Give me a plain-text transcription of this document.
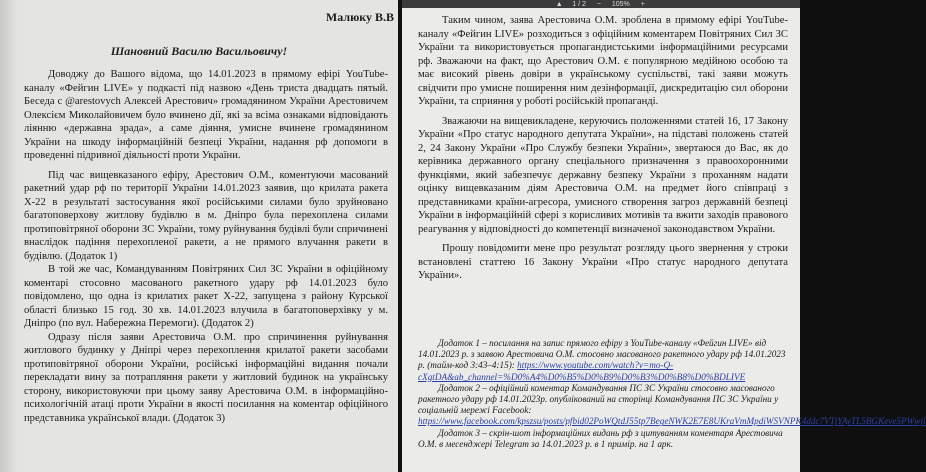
Малюку В.В
Шановний Василю Васильовичу!

Доводжу до Вашого відома, що 14.01.2023 в прямому ефірі YouTube-каналу «Фейгин LIVE» у подкасті під назвою «День триста двадцать пятый. Беседа с @arestovych Алексей Арестович» громадянином України Арестовичем Олексієм Миколайовичем було вчинено дії, які за всіма ознаками відповідають ліянню «державна зрада», а саме діяння, умисне вчинене громадянином України на шкоду інформаційній безпеці України, надання рф допомоги в проведенні підривної діяльності проти України.

Під час вищевказаного ефіру, Арестович О.М., коментуючи масований ракетний удар рф по території України 14.01.2023 заявив, що крилата ракета Х-22 в результаті застосування якої російськими силами було зруйновано багатоповерхову житлову будівлю в м. Дніпро була перехоплена силами протиповітряної оборони ЗС України, тому руйнування будівлі були спричинені внаслідок падіння перехопленої ракети, а не прямого влучання ракети в будівлю. (Додаток 1)

В той же час, Командуванням Повітряних Сил ЗС України в офіційному коментарі стосовно масованого ракетного удару рф 14.01.2023 було повідомлено, що одна із крилатих ракет Х-22, запущена з району Курської області близько 15 год. 30 хв. 14.01.2023 влучила в багатоповерхівку у м. Дніпро (по вул. Набережна Перемоги). (Додаток 2)

Одразу після заяви Арестовича О.М. про спричинення руйнування житлового будинку у Дніпрі через перехоплення крилатої ракети засобами протиповітряної оборони України, російські інформаційні видання почали перекладати вину за потрапляння ракети у житловий будинок на українську сторону, використовуючи при цьому заяву Арестовича О.М. в інформаційно-психологічній атаці проти України в якості посилання на коментар офіційного представника української влади. (Додаток 3)

▲ 1 / 2	−	105%	+

Таким чином, заява Арестовича О.М. зроблена в прямому ефірі YouTube-каналу «Фейгин LIVE» розходиться з офіційним коментарем Повітряних Сил ЗС України та використовується пропагандистськими інформаційними ресурсами рф. Зважаючи на факт, що Арестович О.М. є популярною медійною особою та має високий рівень довіри в українському суспільстві, такі заяви можуть свідчити про умисне поширення ним дезінформації, дискредитацію сил оборони України, та сприяння у роботі російській пропаганді.

Зважаючи на вищевикладене, керуючись положеннями статей 16, 17 Закону України «Про статус народного депутата України», на підставі положень статей 2, 24 Закону України «Про Службу безпеки України», звертаюся до Вас, як до керівника державного органу спеціального призначення з правоохоронними функціями, який забезпечує державну безпеку України з проханням надати оцінку вищевказаним діям Арестовича О.М. на предмет його співпраці з представниками країни-агресора, умисного створення загроз державній безпеці України в інформаційній сфері з корисливих мотивів та вжити заходів правового реагування у відповідності до компетенції визначеної законодавством України.

Прошу повідомити мене про результат розгляду цього звернення у строки встановлені статтею 16 Закону України «Про статус народного депутата України».

Додаток 1 – посилання на запис прямого ефіру з YouTube-каналу «Фейгин LIVE» від 14.01.2023 р. з заявою Арестовича О.М. стосовно масованого ракетного удару рф 14.01.2023 р. (тайм-код 3:43–4:15): https://www.youtube.com/watch?v=mo-Q-cXgtDA&ab_channel=%D0%A4%D0%B5%D0%B9%D0%B3%D0%B8%D0%BDLIVE

Додаток 2 – офіційний коментар Командування ПС ЗС України стосовно масованого ракетного удару рф 14.01.2023р. опублікований на сторінці Командування ПС ЗС України у соціальній мережі Facebook: https://www.facebook.com/kpszsu/posts/pfbid02PoWQtdJ55tp7BegeNWK2E7E8UKraVmMpdiWSVNPK4ddc7VTjYAyTL5BGKeve5PWwjl

Додаток 3 – скрін-шот інформаційних видань рф з цитуванням коментаря Арестовича О.М. в месенджері Telegram за 14.01.2023 р. в 1 примір. на 1 арк.
